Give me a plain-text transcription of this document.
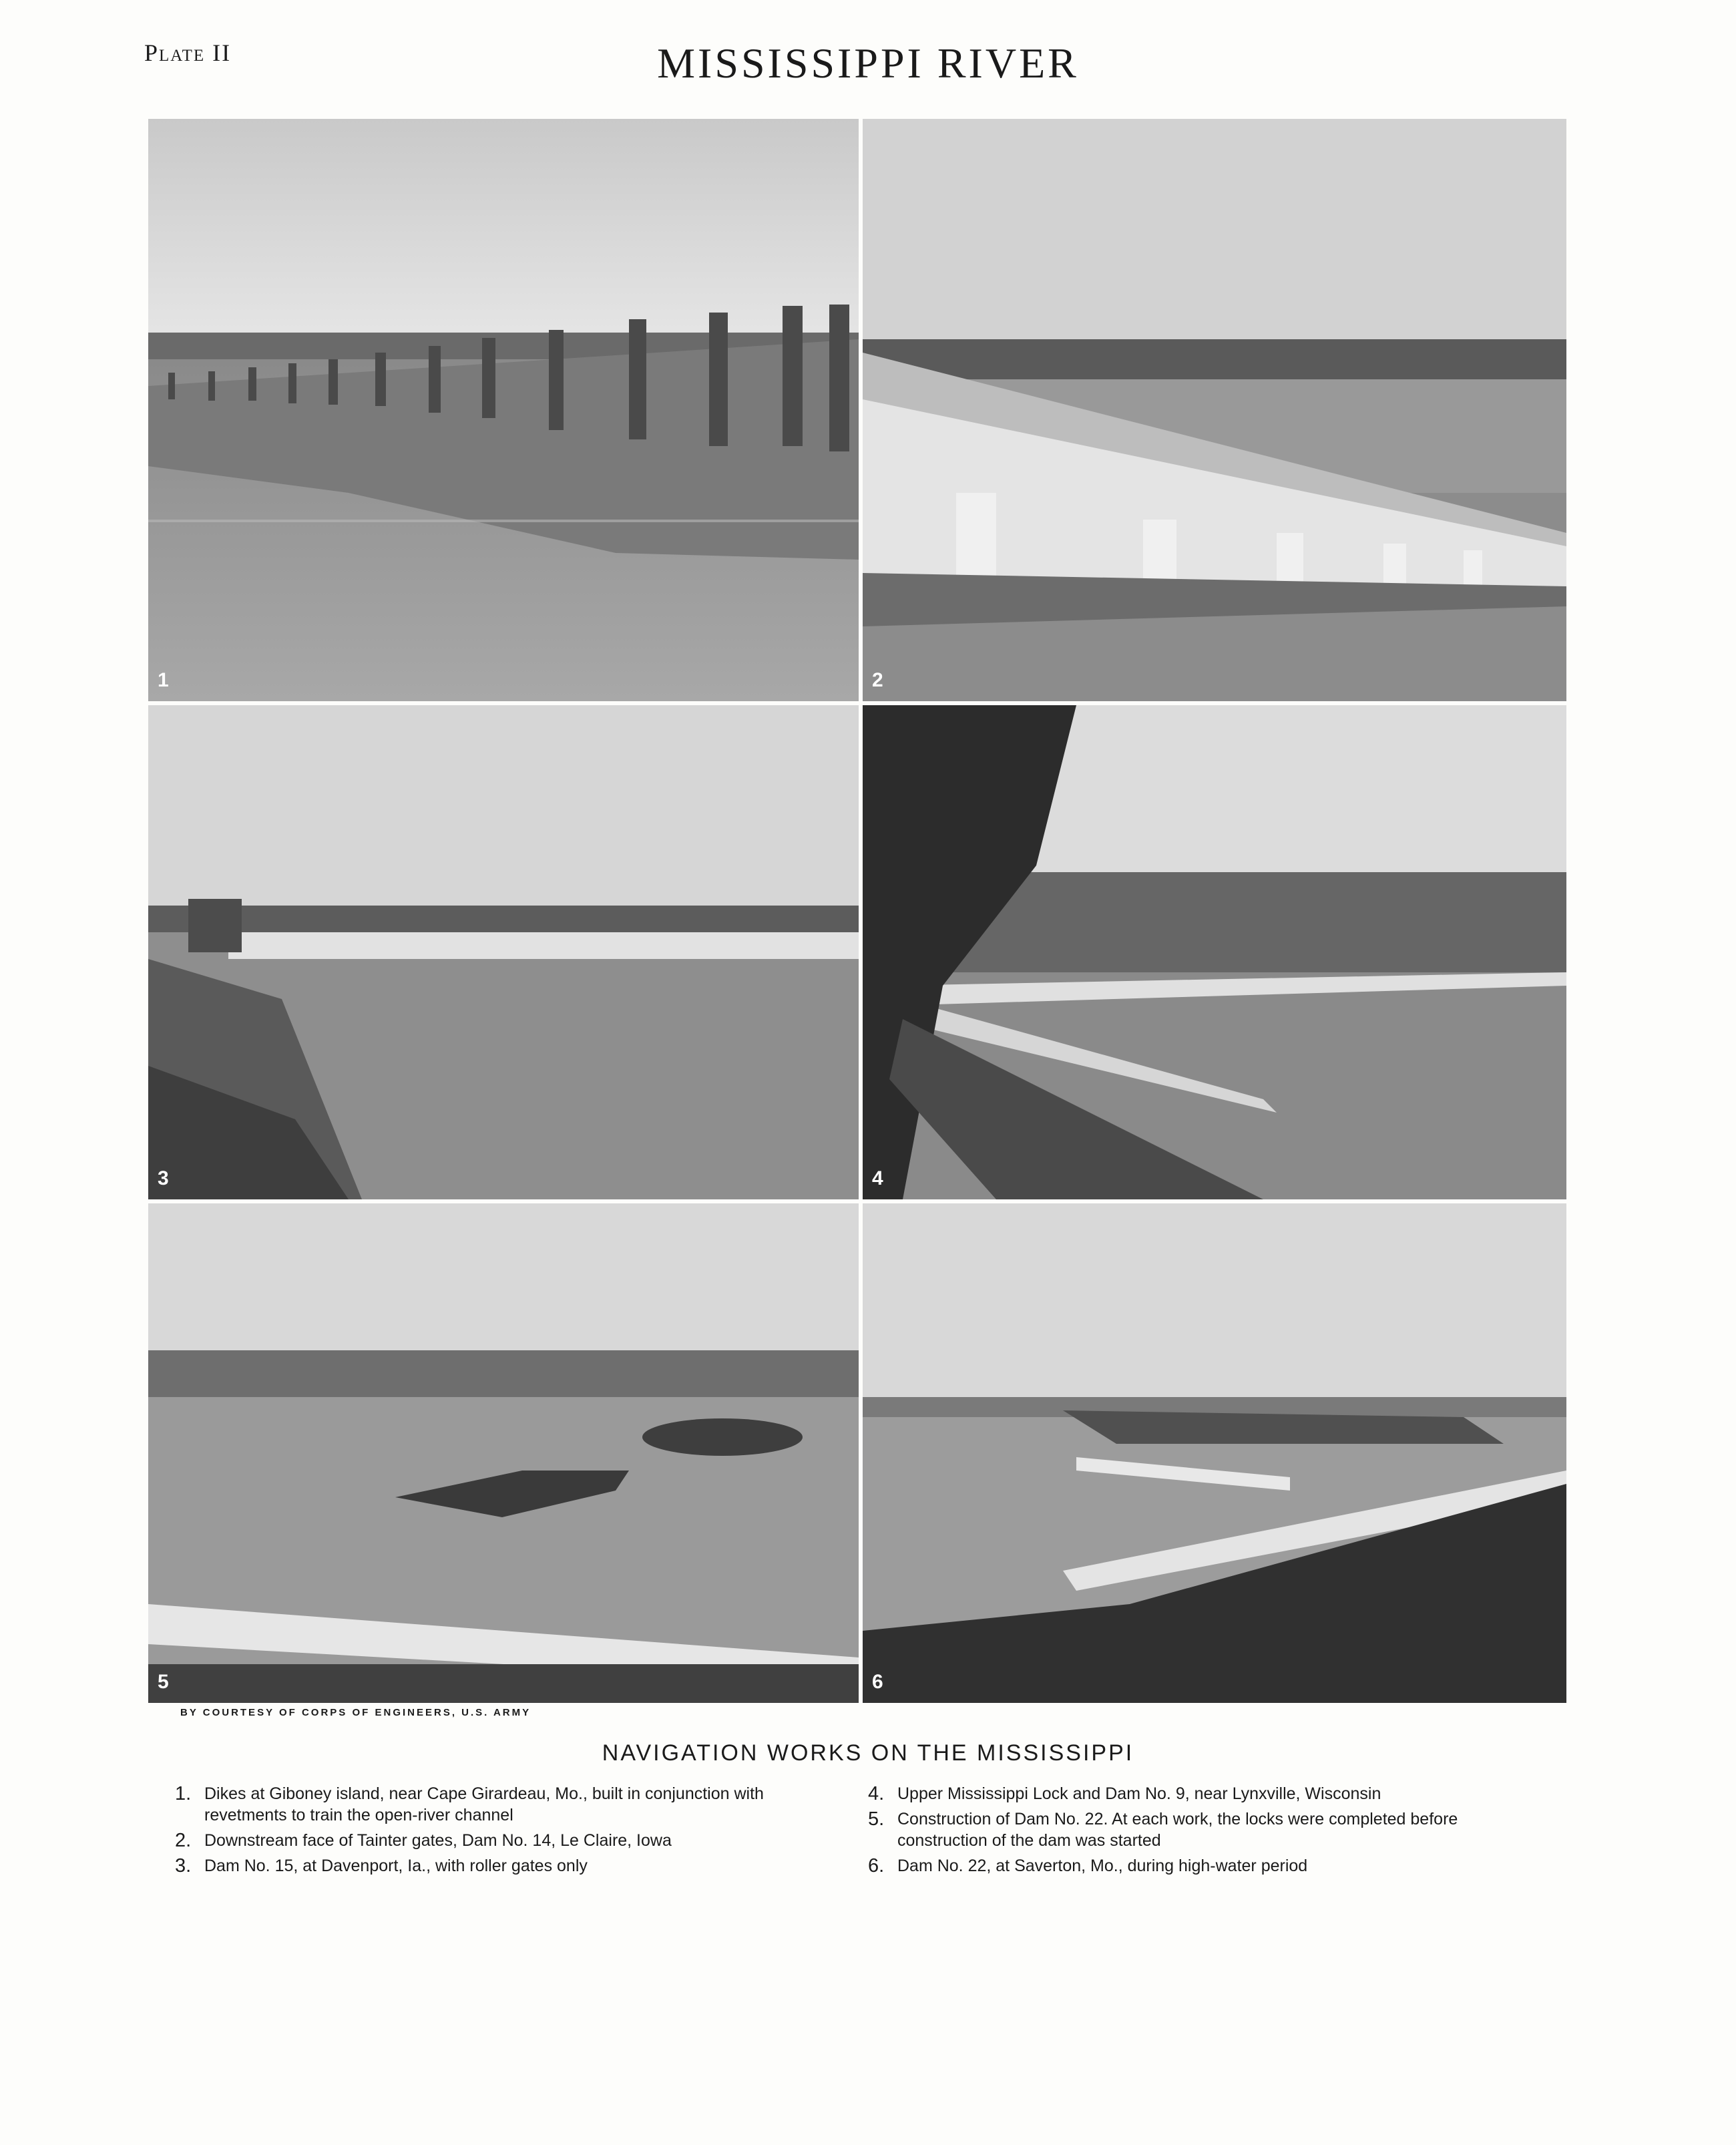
Plate II	MISSISSIPPI RIVER
1	2
3	4
5	6
BY COURTESY OF CORPS OF ENGINEERS, U.S. ARMY
NAVIGATION WORKS ON THE MISSISSIPPI
1. Dikes at Giboney island, near Cape Girardeau, Mo., built in conjunction with revetments to train the open-river channel
2. Downstream face of Tainter gates, Dam No. 14, Le Claire, Iowa
3. Dam No. 15, at Davenport, Ia., with roller gates only
4. Upper Mississippi Lock and Dam No. 9, near Lynxville, Wisconsin
5. Construction of Dam No. 22. At each work, the locks were completed before construction of the dam was started
6. Dam No. 22, at Saverton, Mo., during high-water period
